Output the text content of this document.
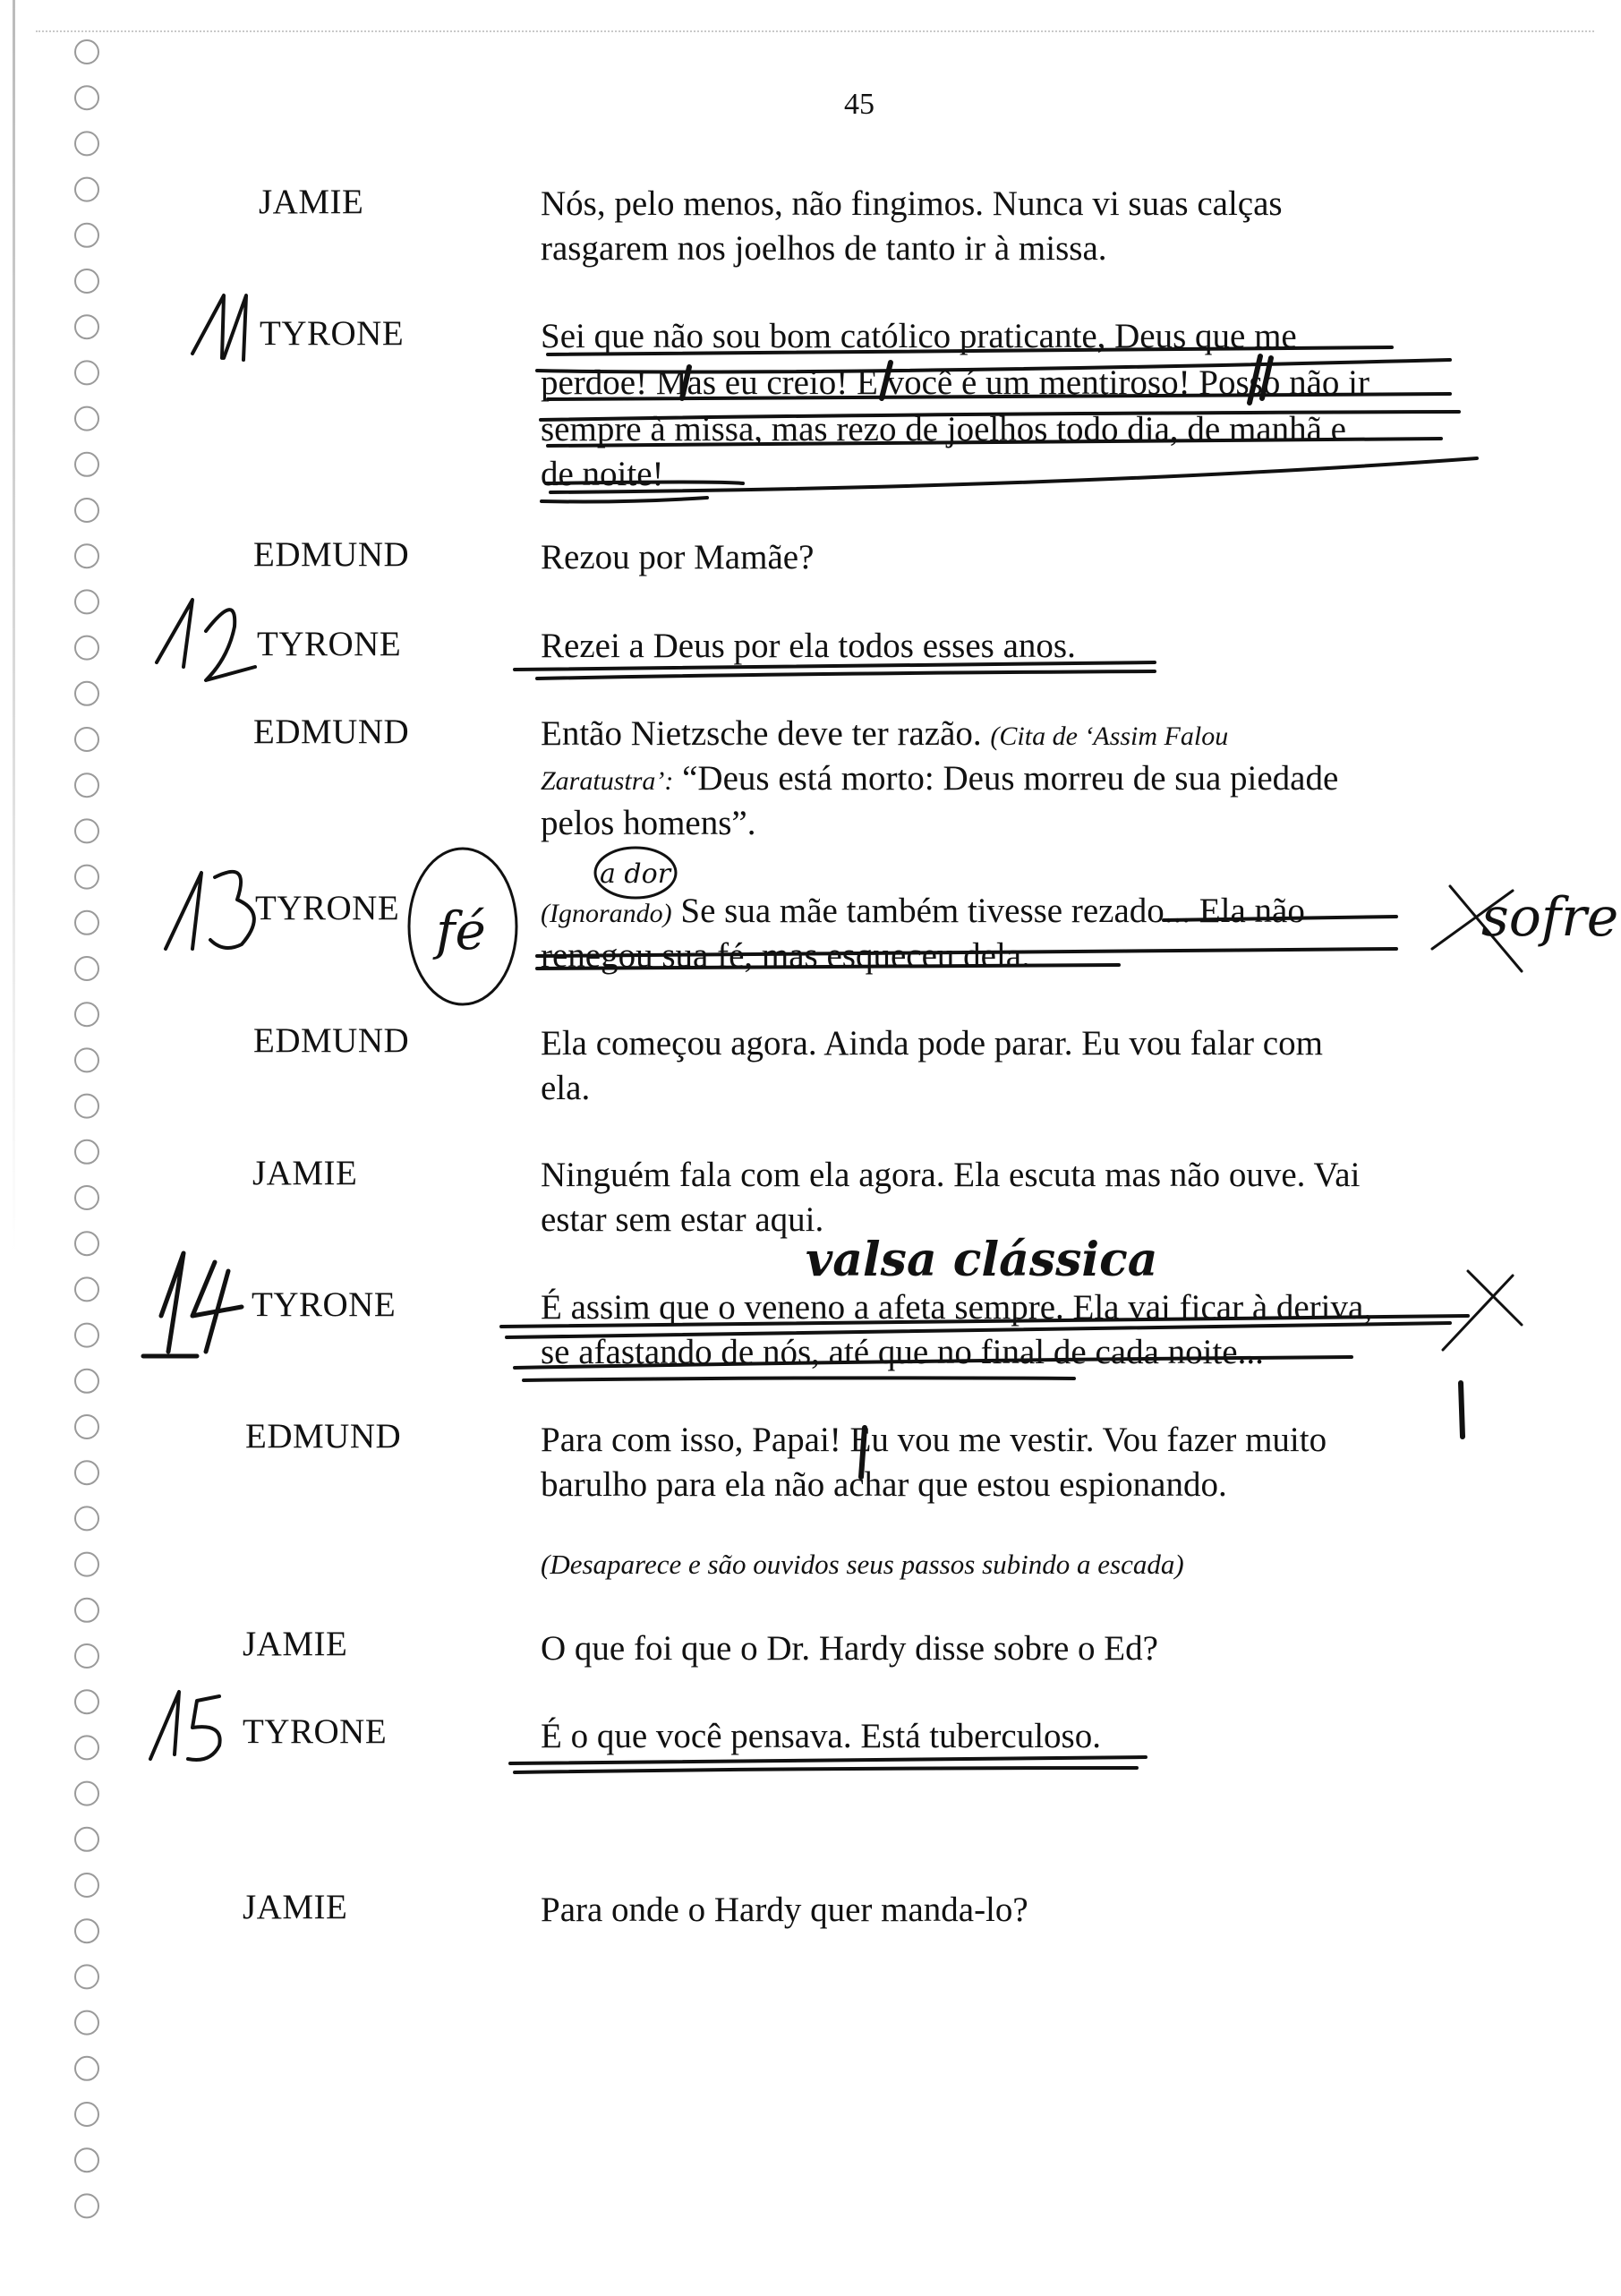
45
JAMIE	Nós, pelo menos, não fingimos. Nunca vi suas calças
rasgarem nos joelhos de tanto ir à missa.
TYRONE	Sei que não sou bom católico praticante, Deus que me
perdoe! Mas eu creio! E você é um mentiroso! Posso não ir
sempre à missa, mas rezo de joelhos todo dia, de manhã e
de noite!
EDMUND	Rezou por Mamãe?
TYRONE	Rezei a Deus por ela todos esses anos.
EDMUND	Então Nietzsche deve ter razão. (Cita de ‘Assim Falou
Zaratustra’: “Deus está morto: Deus morreu de sua piedade
pelos homens”.
TYRONE	(Ignorando) Se sua mãe também tivesse rezado... Ela não
renegou sua fé, mas esqueceu dela.
EDMUND	Ela começou agora. Ainda pode parar. Eu vou falar com
ela.
JAMIE	Ninguém fala com ela agora. Ela escuta mas não ouve. Vai
estar sem estar aqui.
TYRONE	É assim que o veneno a afeta sempre. Ela vai ficar à deriva,
se afastando de nós, até que no final de cada noite...
EDMUND	Para com isso, Papai! Eu vou me vestir. Vou fazer muito
barulho para ela não achar que estou espionando.
(Desaparece e são ouvidos seus passos subindo a escada)
JAMIE	O que foi que o Dr. Hardy disse sobre o Ed?
TYRONE	É o que você pensava. Está tuberculoso.
JAMIE	Para onde o Hardy quer manda-lo?
fé
a dor
sofre
valsa clássica
